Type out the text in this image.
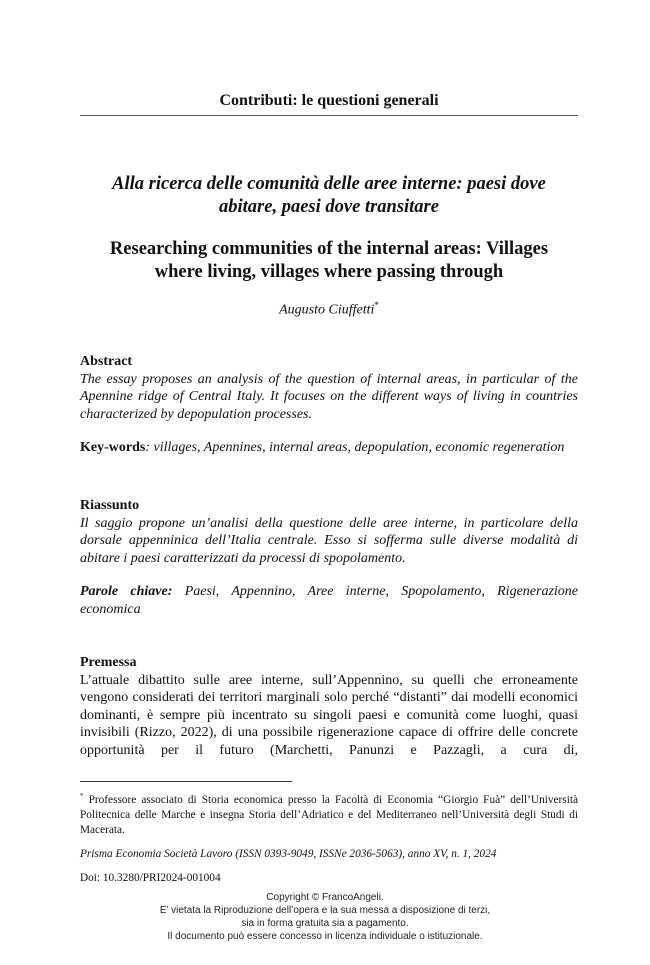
Contributi: le questioni generali
Alla ricerca delle comunità delle aree interne: paesi dove
abitare, paesi dove transitare
Researching communities of the internal areas: Villages
where living, villages where passing through
Augusto Ciuffetti*
Abstract
The essay proposes an analysis of the question of internal areas, in particular of the Apennine ridge of Central Italy. It focuses on the different ways of living in countries characterized by depopulation processes.
Key-words: villages, Apennines, internal areas, depopulation, economic regeneration
Riassunto
Il saggio propone un’analisi della questione delle aree interne, in particolare della dorsale appenninica dell’Italia centrale. Esso si sofferma sulle diverse modalità di abitare i paesi caratterizzati da processi di spopolamento.
Parole chiave: Paesi, Appennino, Aree interne, Spopolamento, Rigenerazione economica
Premessa
L’attuale dibattito sulle aree interne, sull’Appennino, su quelli che erroneamente vengono considerati dei territori marginali solo perché “distanti” dai modelli economici dominanti, è sempre più incentrato su singoli paesi e comunità come luoghi, quasi invisibili (Rizzo, 2022), di una possibile rigenerazione capace di offrire delle concrete opportunità per il futuro (Marchetti, Panunzi e Pazzagli, a cura di,
* Professore associato di Storia economica presso la Facoltà di Economia “Giorgio Fuà” dell’Università Politecnica delle Marche e insegna Storia dell’Adriatico e del Mediterraneo nell’Università degli Studi di Macerata.
Prisma Economia Società Lavoro (ISSN 0393-9049, ISSNe 2036-5063), anno XV, n. 1, 2024
Doi: 10.3280/PRI2024-001004
Copyright © FrancoAngeli.
E’ vietata la Riproduzione dell’opera e la sua messa a disposizione di terzi,
sia in forma gratuita sia a pagamento.
Il documento può essere concesso in licenza individuale o istituzionale.
